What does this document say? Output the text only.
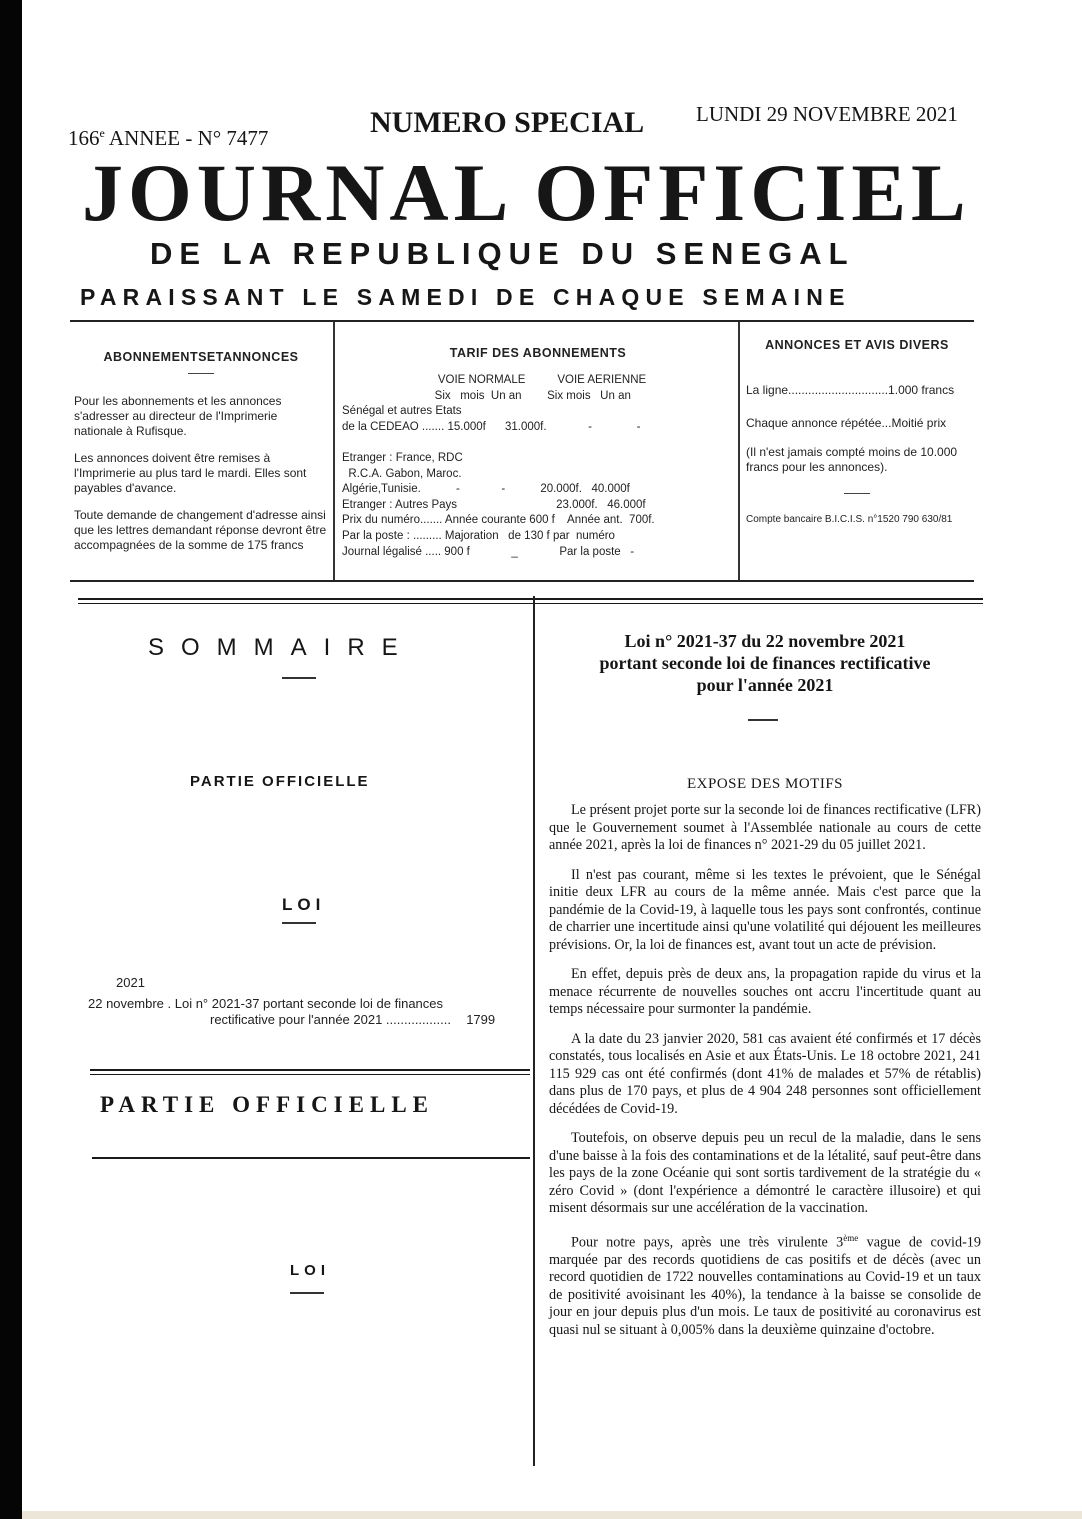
166e ANNEE - N° 7477	NUMERO SPECIAL LUNDI 29 NOVEMBRE 2021
JOURNAL OFFICIEL
DE LA REPUBLIQUE DU SENEGAL
PARAISSANT LE SAMEDI DE CHAQUE SEMAINE
ABONNEMENTSETANNONCES

Pour les abonnements et les annonces s'adresser au directeur de l'Imprimerie nationale à Rufisque.

Les annonces doivent être remises à l'Imprimerie au plus tard le mardi. Elles sont payables d'avance.

Toute demande de changement d'adresse ainsi que les lettres demandant réponse devront être accompagnées de la somme de 175 francs

TARIF DES ABONNEMENTS
VOIE NORMALE          VOIE AERIENNE
Six   mois  Un an        Six mois   Un an
Sénégal et autres Etats
de la CEDEAO ....... 15.000f      31.000f.             -              -

Etranger : France, RDC
R.C.A. Gabon, Maroc.
Algérie,Tunisie.           -             -           20.000f.   40.000f
Etranger : Autres Pays                               23.000f.   46.000f
Prix du numéro....... Année courante 600 f    Année ant.  700f.
Par la poste : ......... Majoration   de 130 f par  numéro
Journal légalisé ..... 900 f             _             Par la poste   -
ANNONCES ET AVIS DIVERS

La ligne..............................1.000 francs

Chaque annonce répétée...Moitié prix

(Il n'est jamais compté moins de 10.000 francs pour les annonces).

Compte bancaire B.I.C.I.S. n°1520 790 630/81

SOMMAIRE
PARTIE OFFICIELLE
LOI
2021
22 novembre . Loi n° 2021-37 portant seconde loi de finances
rectificative pour l'année 2021 .................. 1799
PARTIE OFFICIELLE
LOI
Loi n° 2021-37 du 22 novembre 2021
portant seconde loi de finances rectificative
pour l'année 2021
EXPOSE DES MOTIFS

Le présent projet porte sur la seconde loi de finances rectificative (LFR) que le Gouvernement soumet à l'Assemblée nationale au cours de cette année 2021, après la loi de finances n° 2021-29 du 05 juillet 2021.

Il n'est pas courant, même si les textes le prévoient, que le Sénégal initie deux LFR au cours de la même année. Mais c'est parce que la pandémie de la Covid-19, à laquelle tous les pays sont confrontés, continue de charrier une incertitude ainsi qu'une volatilité qui déjouent les meilleures prévisions. Or, la loi de finances est, avant tout un acte de prévision.

En effet, depuis près de deux ans, la propagation rapide du virus et la menace récurrente de nouvelles souches ont accru l'incertitude quant au temps nécessaire pour surmonter la pandémie.

A la date du 23 janvier 2020, 581 cas avaient été confirmés et 17 décès constatés, tous localisés en Asie et aux États-Unis. Le 18 octobre 2021, 241 115 929 cas ont été confirmés (dont 41% de malades et 57% de rétablis) dans plus de 170 pays, et plus de 4 904 248 personnes sont officiellement décédées de Covid-19.

Toutefois, on observe depuis peu un recul de la maladie, dans le sens d'une baisse à la fois des contaminations et de la létalité, sauf peut-être dans les pays de la zone Océanie qui sont sortis tardivement de la stratégie du « zéro Covid » (dont l'expérience a démontré le caractère illusoire) et qui misent désormais sur une accélération de la vaccination.

Pour notre pays, après une très virulente 3ème vague de covid-19 marquée par des records quotidiens de cas positifs et de décès (avec un record quotidien de 1722 nouvelles contaminations au Covid-19 et un taux de positivité avoisinant les 40%), la tendance à la baisse se consolide de jour en jour depuis plus d'un mois. Le taux de positivité au coronavirus est quasi nul se situant à 0,005% dans la deuxième quinzaine d'octobre.
